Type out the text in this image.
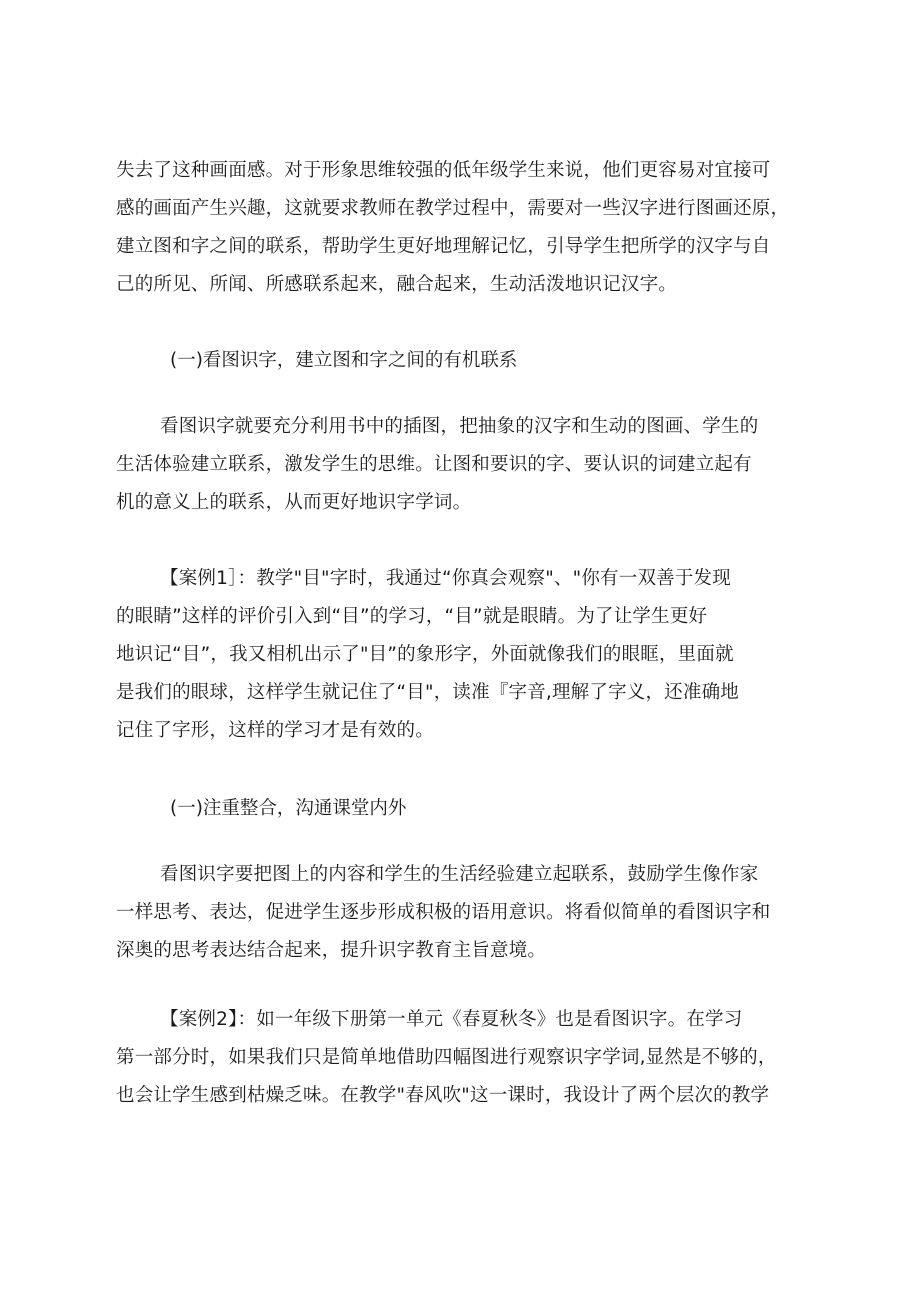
失去了这种画面感。对于形象思维较强的低年级学生来说，他们更容易对宜接可
感的画面产生兴趣，这就要求教师在教学过程中，需要对一些汉字进行图画还原，
建立图和字之间的联系，帮助学生更好地理解记忆，引导学生把所学的汉字与自
己的所见、所闻、所感联系起来，融合起来，生动活泼地识记汉字。

(一)看图识字，建立图和字之间的有机联系

看图识字就要充分利用书中的插图，把抽象的汉字和生动的图画、学生的
生活体验建立联系，激发学生的思维。让图和要识的字、要认识的词建立起有
机的意义上的联系，从而更好地识字学词。

【案例1］：教学"目"字时，我通过“你真会观察"、"你有一双善于发现
的眼睛”这样的评价引入到“目”的学习，“目”就是眼睛。为了让学生更好
地识记“目”，我又相机出示了"目”的象形字，外面就像我们的眼眶，里面就
是我们的眼球，这样学生就记住了“目"，读准『字音,理解了字义，还准确地
记住了字形，这样的学习才是有效的。

(一)注重整合，沟通课堂内外

看图识字要把图上的内容和学生的生活经验建立起联系，鼓励学生像作家
一样思考、表达，促进学生逐步形成积极的语用意识。将看似简单的看图识字和
深奥的思考表达结合起来，提升识字教育主旨意境。

【案例2】：如一年级下册第一单元《春夏秋冬》也是看图识字。在学习
第一部分时，如果我们只是简单地借助四幅图进行观察识字学词,显然是不够的，
也会让学生感到枯燥乏味。在教学"春风吹"这一课时，我设计了两个层次的教学
